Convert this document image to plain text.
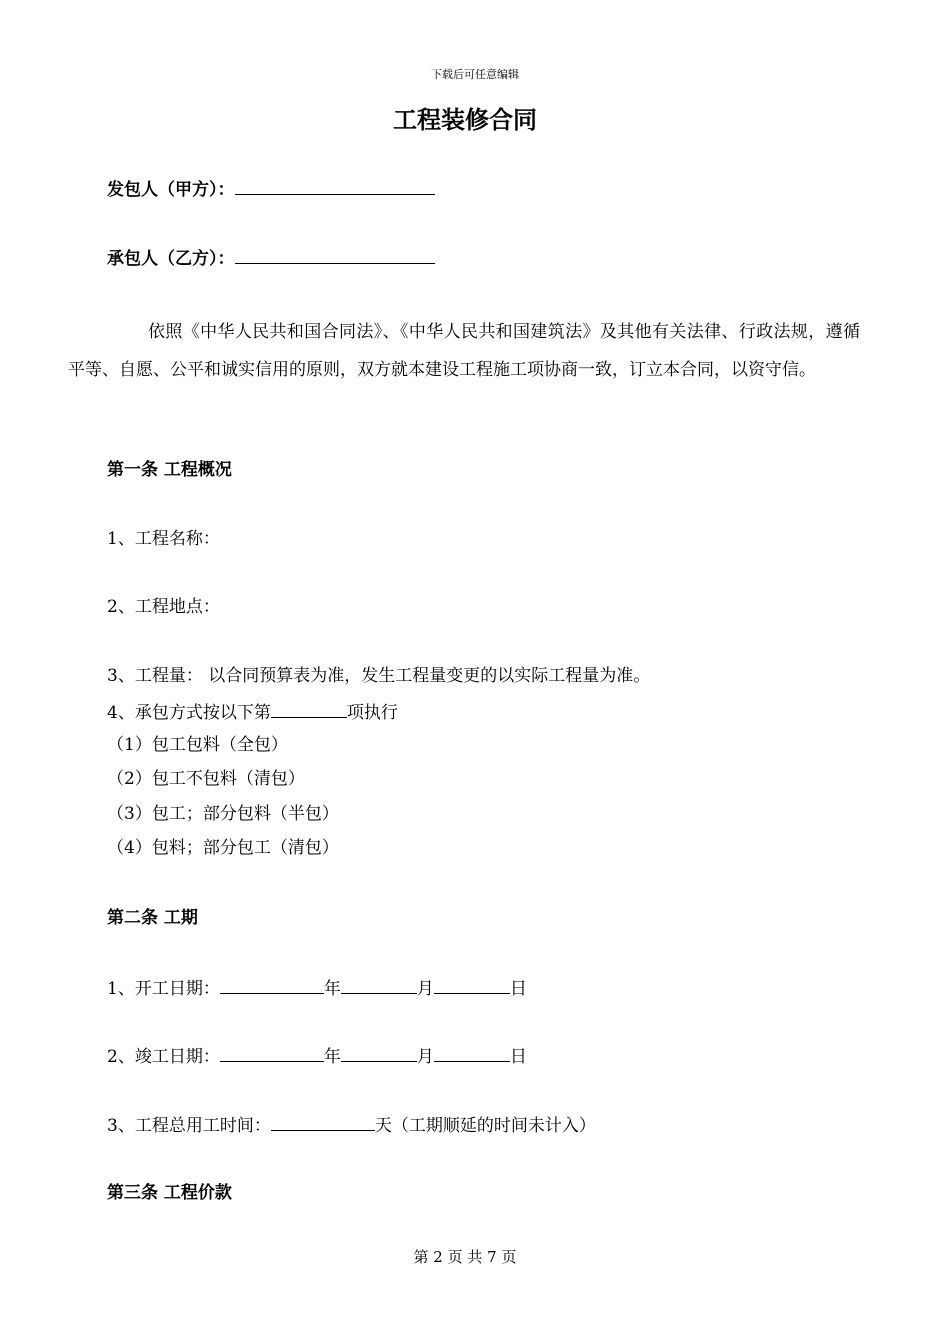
下载后可任意编辑
工程装修合同
发包人（甲方）：
承包人（乙方）：
依照《中华人民共和国合同法》、《中华人民共和国建筑法》及其他有关法律、行政法规，遵循平等、自愿、公平和诚实信用的原则，双方就本建设工程施工项协商一致，订立本合同，以资守信。
第一条 工程概况
1、工程名称：
2、工程地点：
3、工程量： 以合同预算表为准，发生工程量变更的以实际工程量为准。
4、承包方式按以下第	项执行
（1）包工包料（全包）
（2）包工不包料（清包）
（3）包工；部分包料（半包）
（4）包料；部分包工（清包）
第二条 工期
1、开工日期：	年	月	日
2、竣工日期：	年	月	日
3、工程总用工时间：	天（工期顺延的时间未计入）
第三条 工程价款
第 2 页 共 7 页
